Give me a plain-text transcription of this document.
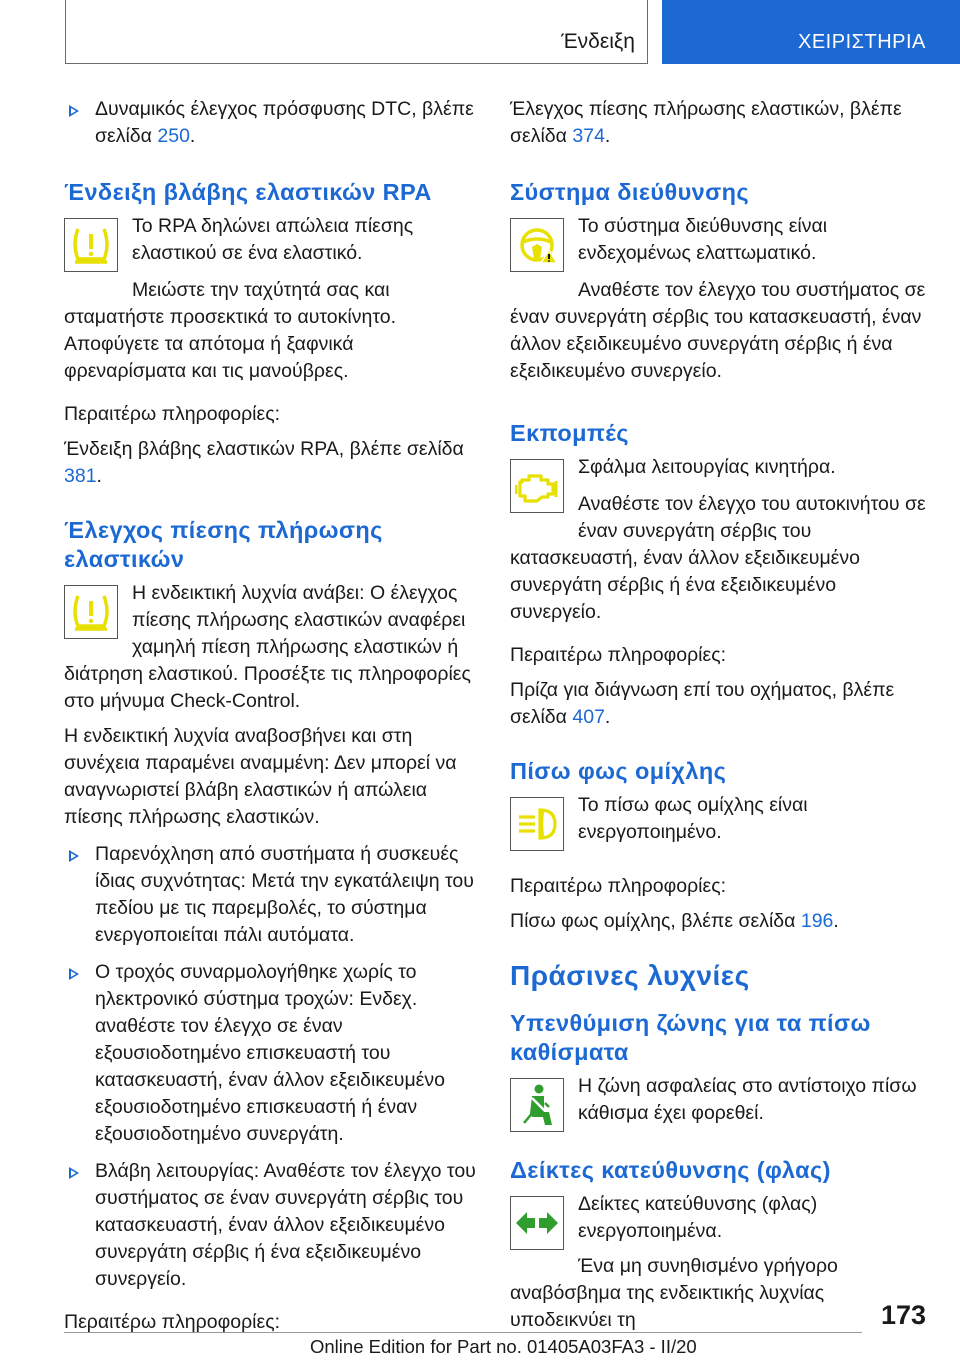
Ένδειξη	ΧΕΙΡΙΣΤΗΡΙΑ

Δυναμικός έλεγχος πρόσφυσης DTC, βλέπε σελίδα 250.

Ένδειξη βλάβης ελαστικών RPA

Το RPA δηλώνει απώλεια πίεσης ελαστικού σε ένα ελαστικό.

Μειώστε την ταχύτητά σας και σταματήστε προσεκτικά το αυτοκίνητο. Αποφύγετε τα απότομα ή ξαφνικά φρεναρίσματα και τις μανούβρες.

Περαιτέρω πληροφορίες:

Ένδειξη βλάβης ελαστικών RPA, βλέπε σελίδα 381.

Έλεγχος πίεσης πλήρωσης ελαστικών

Η ενδεικτική λυχνία ανάβει: Ο έλεγχος πίεσης πλήρωσης ελαστικών αναφέρει χαμηλή πίεση πλήρωσης ελαστικών ή διάτρηση ελαστικού. Προσέξτε τις πληροφορίες στο μήνυμα Check-Control.

Η ενδεικτική λυχνία αναβοσβήνει και στη συνέχεια παραμένει αναμμένη: Δεν μπορεί να αναγνωριστεί βλάβη ελαστικών ή απώλεια πίεσης πλήρωσης ελαστικών.

Παρενόχληση από συστήματα ή συσκευές ίδιας συχνότητας: Μετά την εγκατάλειψη του πεδίου με τις παρεμβολές, το σύστημα ενεργοποιείται πάλι αυτόματα.

Ο τροχός συναρμολογήθηκε χωρίς το ηλεκτρονικό σύστημα τροχών: Ενδεχ. αναθέστε τον έλεγχο σε έναν εξουσιοδοτημένο επισκευαστή του κατασκευαστή, έναν άλλον εξειδικευμένο εξουσιοδοτημένο επισκευαστή ή έναν εξουσιοδοτημένο συνεργάτη.

Βλάβη λειτουργίας: Αναθέστε τον έλεγχο του συστήματος σε έναν συνεργάτη σέρβις του κατασκευαστή, έναν άλλον εξειδικευμένο συνεργάτη σέρβις ή ένα εξειδικευμένο συνεργείο.

Περαιτέρω πληροφορίες:

Έλεγχος πίεσης πλήρωσης ελαστικών, βλέπε σελίδα 374.

Σύστημα διεύθυνσης

Το σύστημα διεύθυνσης είναι ενδεχομένως ελαττωματικό.

Αναθέστε τον έλεγχο του συστήματος σε έναν συνεργάτη σέρβις του κατασκευαστή, έναν άλλον εξειδικευμένο συνεργάτη σέρβις ή ένα εξειδικευμένο συνεργείο.

Εκπομπές

Σφάλμα λειτουργίας κινητήρα.

Αναθέστε τον έλεγχο του αυτοκινήτου σε έναν συνεργάτη σέρβις του κατασκευαστή, έναν άλλον εξειδικευμένο συνεργάτη σέρβις ή ένα εξειδικευμένο συνεργείο.

Περαιτέρω πληροφορίες:

Πρίζα για διάγνωση επί του οχήματος, βλέπε σελίδα 407.

Πίσω φως ομίχλης

Το πίσω φως ομίχλης είναι ενεργοποιημένο.

Περαιτέρω πληροφορίες:

Πίσω φως ομίχλης, βλέπε σελίδα 196.

Πράσινες λυχνίες
Υπενθύμιση ζώνης για τα πίσω καθίσματα

Η ζώνη ασφαλείας στο αντίστοιχο πίσω κάθισμα έχει φορεθεί.

Δείκτες κατεύθυνσης (φλας)

Δείκτες κατεύθυνσης (φλας) ενεργοποιημένα.

Ένα μη συνηθισμένο γρήγορο αναβόσβημα της ενδεικτικής λυχνίας υποδεικνύει τη	173
Online Edition for Part no. 01405A03FA3 - II/20
